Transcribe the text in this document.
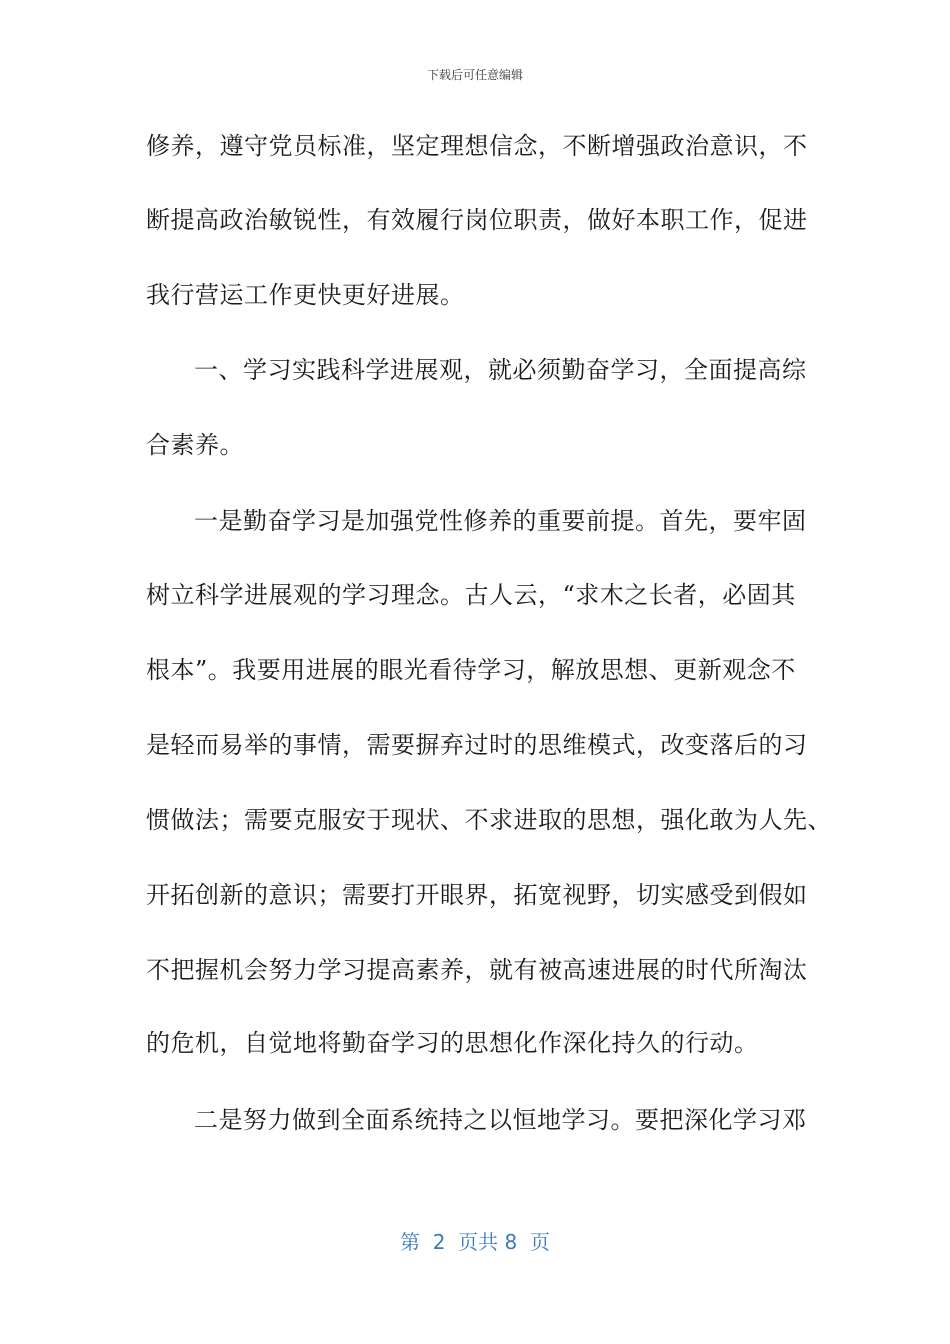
下载后可任意编辑
修养，遵守党员标准，坚定理想信念，不断增强政治意识，不
断提高政治敏锐性，有效履行岗位职责，做好本职工作，促进
我行营运工作更快更好进展。
一、学习实践科学进展观，就必须勤奋学习，全面提高综
合素养。
一是勤奋学习是加强党性修养的重要前提。首先，要牢固
树立科学进展观的学习理念。古人云，“求木之长者，必固其
根本”。我要用进展的眼光看待学习，解放思想、更新观念不
是轻而易举的事情，需要摒弃过时的思维模式，改变落后的习
惯做法；需要克服安于现状、不求进取的思想，强化敢为人先、
开拓创新的意识；需要打开眼界，拓宽视野，切实感受到假如
不把握机会努力学习提高素养，就有被高速进展的时代所淘汰
的危机，自觉地将勤奋学习的思想化作深化持久的行动。
二是努力做到全面系统持之以恒地学习。要把深化学习邓
第  2  页共 8  页
